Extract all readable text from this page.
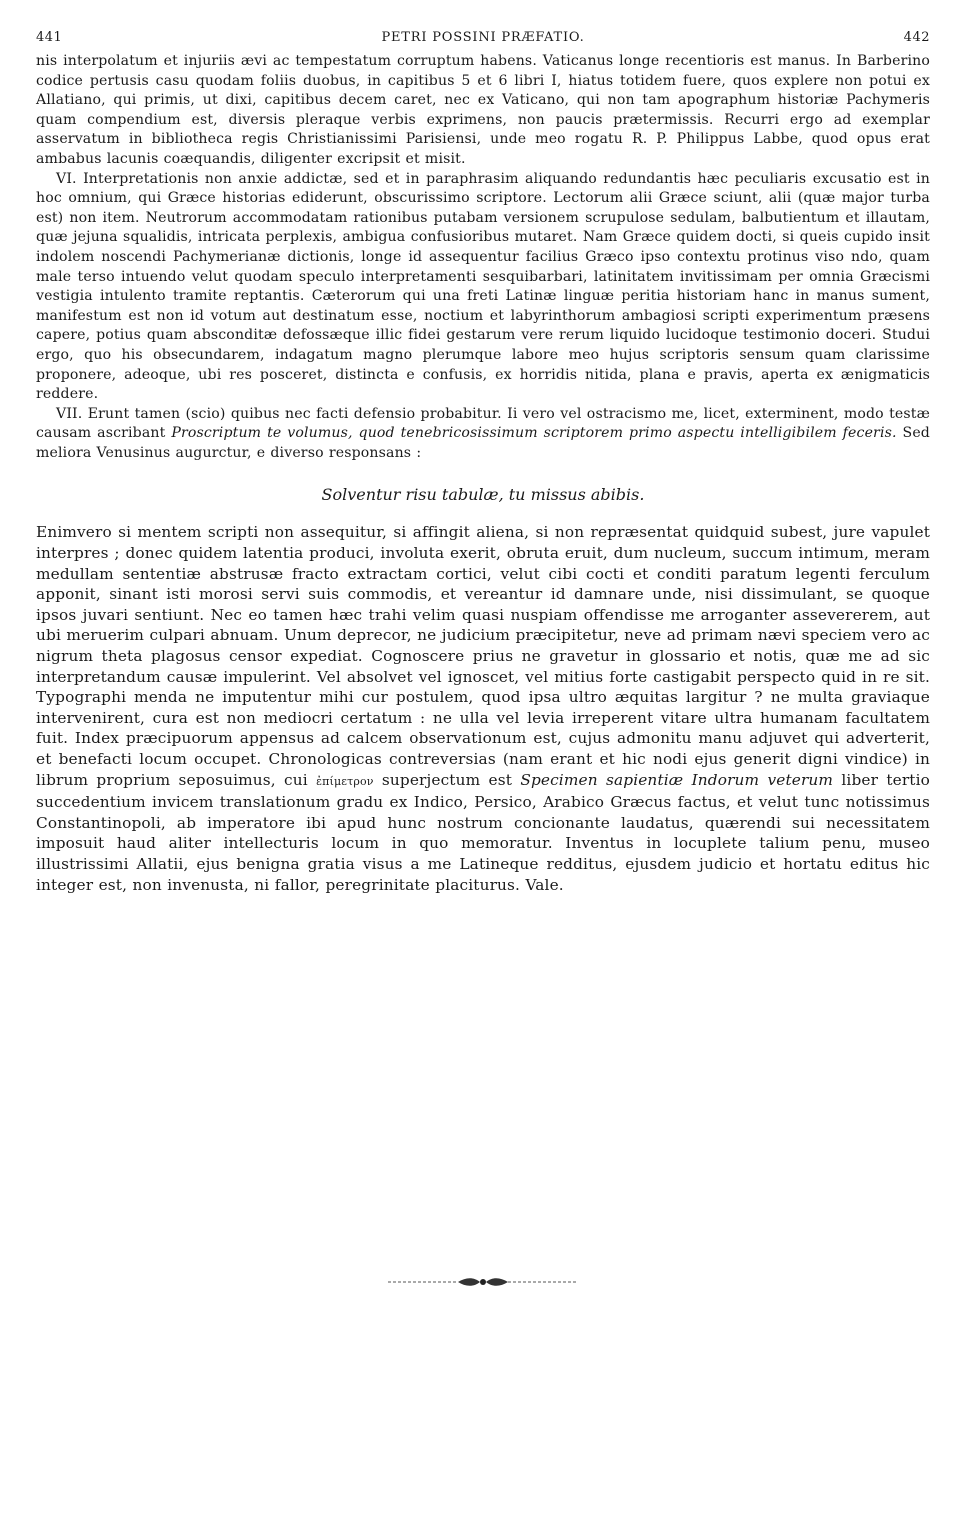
441	PETRI POSSINI PRÆFATIO.	442

nis interpolatum et injuriis ævi ac tempestatum corruptum habens. Vaticanus longe recentioris est manus. In Barberino codice pertusis casu quodam foliis duobus, in capitibus 5 et 6 libri I, hiatus totidem fuere, quos explere non potui ex Allatiano, qui primis, ut dixi, capitibus decem caret, nec ex Vaticano, qui non tam apographum historiæ Pachymeris quam compendium est, diversis pleraque verbis exprimens, non paucis prætermissis. Recurri ergo ad exemplar asservatum in bibliotheca regis Christianissimi Parisiensi, unde meo rogatu R. P. Philippus Labbe, quod opus erat ambabus lacunis coæquandis, diligenter excripsit et misit.

VI. Interpretationis non anxie addictæ, sed et in paraphrasim aliquando redundantis hæc peculiaris excusatio est in hoc omnium, qui Græce historias ediderunt, obscurissimo scriptore. Lectorum alii Græce sciunt, alii (quæ major turba est) non item. Neutrorum accommodatam rationibus putabam versionem scrupulose sedulam, balbutientum et illautam, quæ jejuna squalidis, intricata perplexis, ambigua confusioribus mutaret. Nam Græce quidem docti, si queis cupido insit indolem noscendi Pachymerianæ dictionis, longe id assequentur facilius Græco ipso contextu protinus viso ndo, quam male terso intuendo velut quodam speculo interpretamenti sesquibarbari, latinitatem invitissimam per omnia Græcismi vestigia intulento tramite reptantis. Cæterorum qui una freti Latinæ linguæ peritia historiam hanc in manus sument, manifestum est non id votum aut destinatum esse, noctium et labyrinthorum ambagiosi scripti experimentum præsens capere, potius quam absconditæ defossæque illic fidei gestarum vere rerum liquido lucidoque testimonio doceri. Studui ergo, quo his obsecundarem, indagatum magno plerumque labore meo hujus scriptoris sensum quam clarissime proponere, adeoque, ubi res posceret, distincta e confusis, ex horridis nitida, plana e pravis, aperta ex ænigmaticis reddere.

VII. Erunt tamen (scio) quibus nec facti defensio probabitur. Ii vero vel ostracismo me, licet, exterminent, modo testæ causam ascribant Proscriptum te volumus, quod tenebricosissimum scriptorem primo aspectu intelligibilem feceris. Sed meliora Venusinus augurctur, e diverso responsans :

Solventur risu tabulæ, tu missus abibis.

Enimvero si mentem scripti non assequitur, si affingit aliena, si non repræsentat quidquid subest, jure vapulet interpres ; donec quidem latentia produci, involuta exerit, obruta eruit, dum nucleum, succum intimum, meram medullam sententiæ abstrusæ fracto extractam cortici, velut cibi cocti et conditi paratum legenti ferculum apponit, sinant isti morosi servi suis commodis, et vereantur id damnare unde, nisi dissimulant, se quoque ipsos juvari sentiunt. Nec eo tamen hæc trahi velim quasi nuspiam offendisse me arroganter assevererem, aut ubi meruerim culpari abnuam. Unum deprecor, ne judicium præcipitetur, neve ad primam nævi speciem vero ac nigrum theta plagosus censor expediat. Cognoscere prius ne gravetur in glossario et notis, quæ me ad sic interpretandum causæ impulerint. Vel absolvet vel ignoscet, vel mitius forte castigabit perspecto quid in re sit. Typographi menda ne imputentur mihi cur postulem, quod ipsa ultro æquitas largitur ? ne multa graviaque intervenirent, cura est non mediocri certatum : ne ulla vel levia irreperent vitare ultra humanam facultatem fuit. Index præcipuorum appensus ad calcem observationum est, cujus admonitu manu adjuvet qui adverterit, et benefacti locum occupet. Chronologicas contreversias (nam erant et hic nodi ejus generit digni vindice) in librum proprium seposuimus, cui ἐπίμετρον superjectum est Specimen sapientiæ Indorum veterum liber tertio succedentium invicem translationum gradu ex Indico, Persico, Arabico Græcus factus, et velut tunc notissimus Constantinopoli, ab imperatore ibi apud hunc nostrum concionante laudatus, quærendi sui necessitatem imposuit haud aliter intellecturis locum in quo memoratur. Inventus in locuplete talium penu, museo illustrissimi Allatii, ejus benigna gratia visus a me Latineque redditus, ejusdem judicio et hortatu editus hic integer est, non invenusta, ni fallor, peregrinitate placiturus. Vale.
